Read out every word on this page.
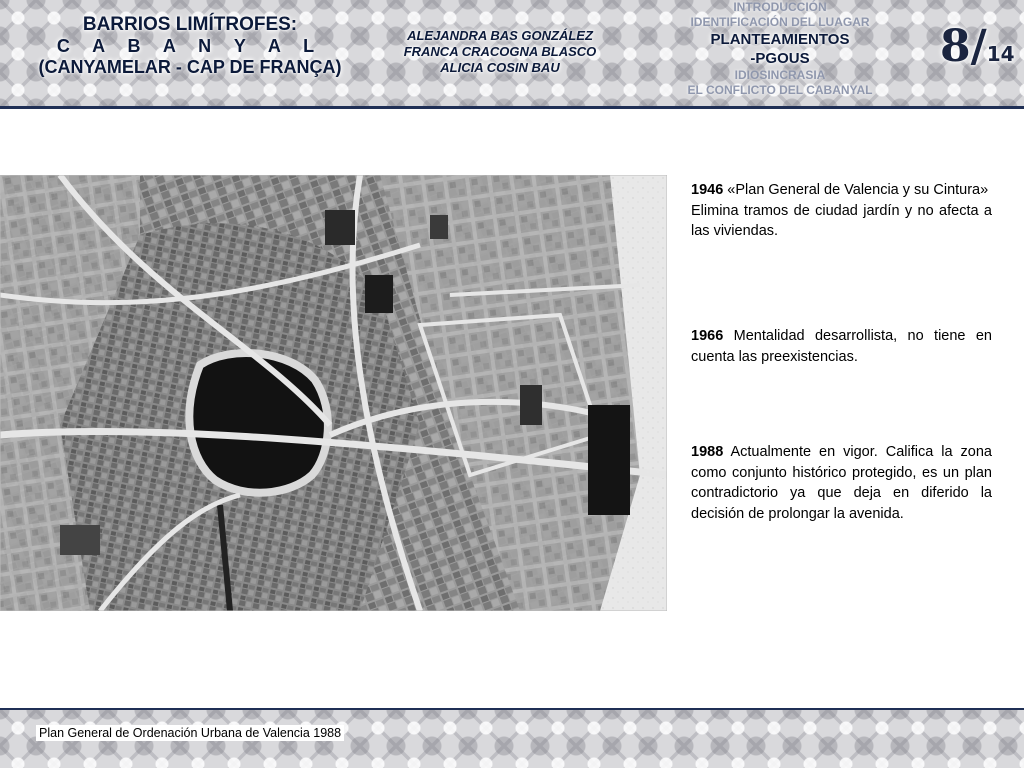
BARRIOS LIMÍTROFES:
C A B A N Y A L
(CANYAMELAR - CAP DE FRANÇA)
ALEJANDRA BAS GONZÁLEZ
FRANCA CRACOGNA BLASCO
ALICIA COSIN BAU
INTRODUCCIÓN
IDENTIFICACIÓN DEL LUAGAR
PLANTEAMIENTOS
-PGOUS
IDIOSINCRASIA
EL CONFLICTO DEL CABANYAL
8/14

1946 «Plan General de Valencia y su Cintura»
Elimina tramos de ciudad jardín y no afecta a las viviendas.

1966 Mentalidad desarrollista, no tiene en cuenta las preexistencias.

1988 Actualmente en vigor. Califica la zona como conjunto histórico protegido, es un plan contradictorio ya que deja en diferido la decisión de prolongar la avenida.

Plan General de Ordenación Urbana de Valencia 1988
